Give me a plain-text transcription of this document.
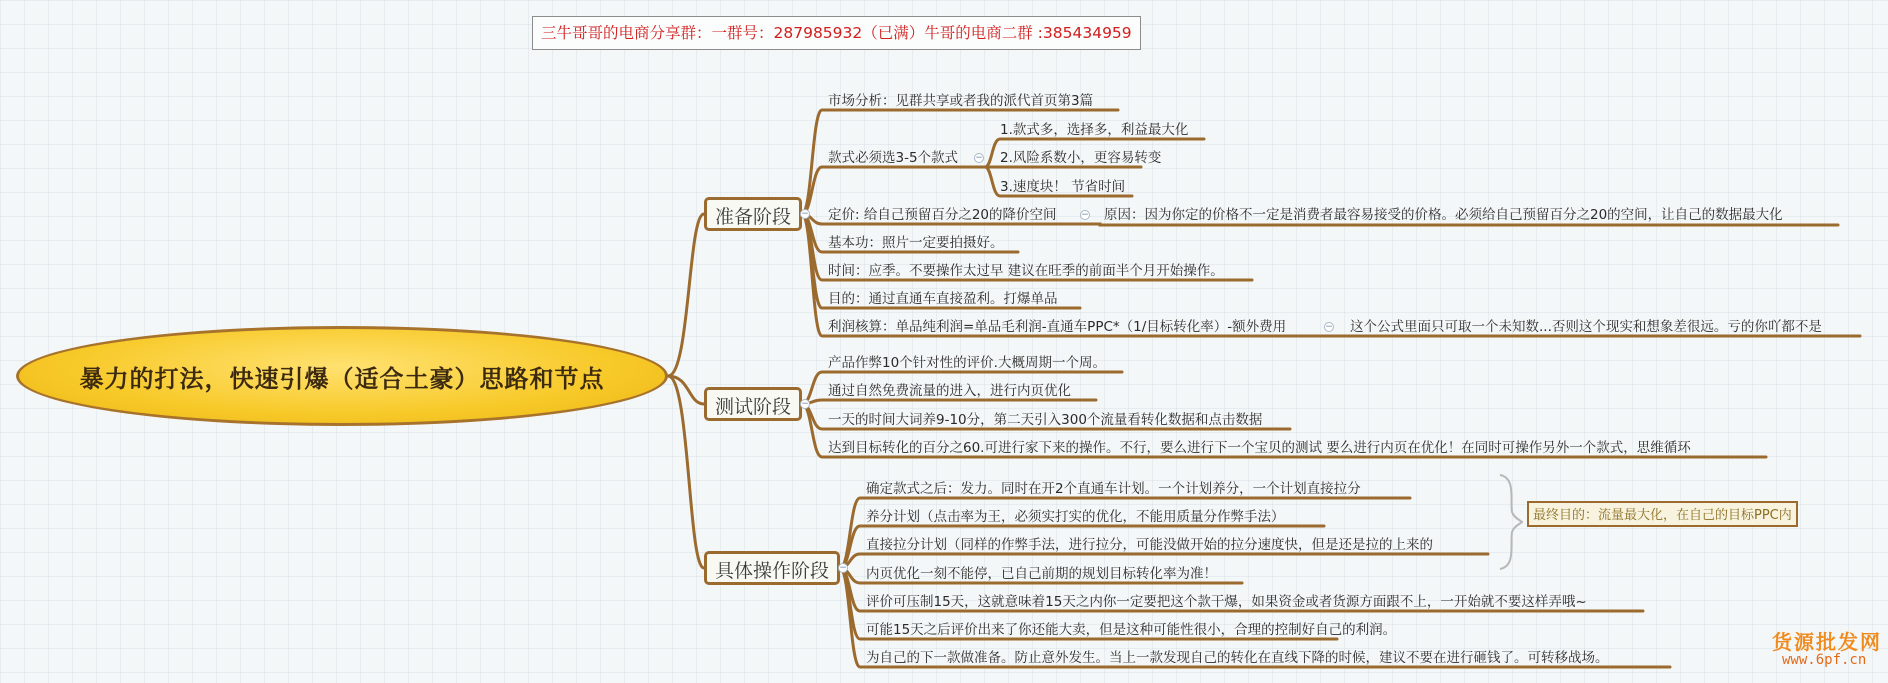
三牛哥哥的电商分享群：一群号：287985932（已满）牛哥的电商二群 :385434959
暴力的打法，快速引爆（适合土豪）思路和节点
准备阶段	−
市场分析：见群共享或者我的派代首页第3篇
款式必须选3-5个款式 −
1.款式多，选择多，利益最大化
2.风险系数小，更容易转变
3.速度块！ 节省时间
定价: 给自己预留百分之20的降价空间	− 原因：因为你定的价格不一定是消费者最容易接受的价格。必须给自己预留百分之20的空间，让自己的数据最大化
基本功：照片一定要拍摄好。
时间：应季。不要操作太过早 建议在旺季的前面半个月开始操作。
目的：通过直通车直接盈利。打爆单品
利润核算：单品纯利润=单品毛利润-直通车PPC*（1/目标转化率）-额外费用	− 这个公式里面只可取一个未知数...否则这个现实和想象差很远。亏的你吖都不是
测试阶段	−
产品作弊10个针对性的评价.大概周期一个周。
通过自然免费流量的进入，进行内页优化
一天的时间大词养9-10分，第二天引入300个流量看转化数据和点击数据
达到目标转化的百分之60.可进行家下来的操作。不行，要么进行下一个宝贝的测试 要么进行内页在优化！在同时可操作另外一个款式，思维循环
具体操作阶段	−
确定款式之后：发力。同时在开2个直通车计划。一个计划养分，一个计划直接拉分
养分计划（点击率为王，必须实打实的优化，不能用质量分作弊手法）
直接拉分计划（同样的作弊手法，进行拉分，可能没做开始的拉分速度快，但是还是拉的上来的
内页优化一刻不能停，已自己前期的规划目标转化率为准！
评价可压制15天，这就意味着15天之内你一定要把这个款干爆，如果资金或者货源方面跟不上，一开始就不要这样弄哦~
可能15天之后评价出来了你还能大卖，但是这种可能性很小，合理的控制好自己的利润。
为自己的下一款做准备。防止意外发生。当上一款发现自己的转化在直线下降的时候，建议不要在进行砸钱了。可转移战场。
最终目的：流量最大化，在自己的目标PPC内
货源批发网
www.6pf.cn
